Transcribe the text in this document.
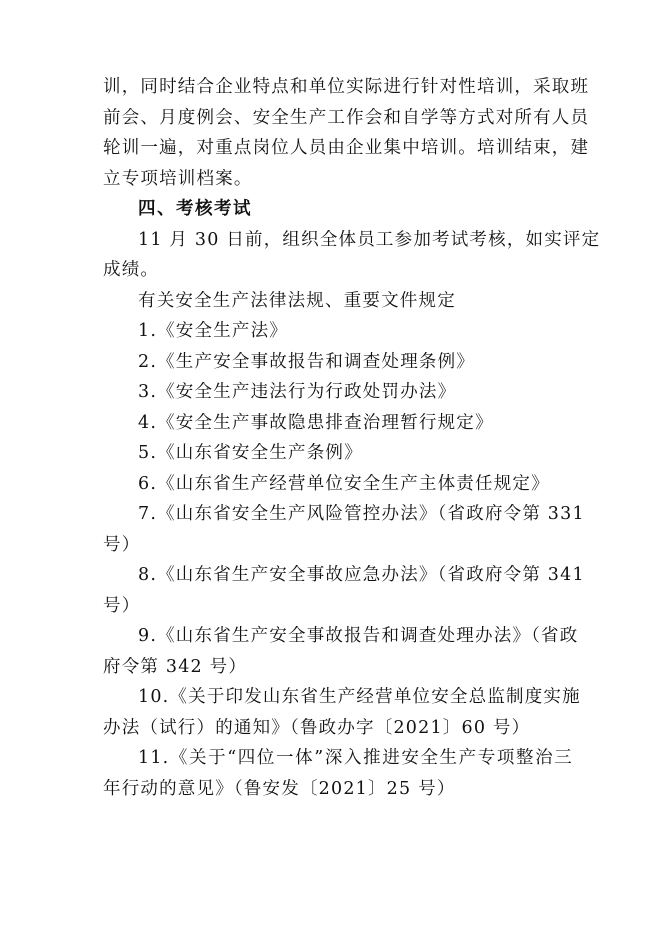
训，同时结合企业特点和单位实际进行针对性培训，采取班
前会、月度例会、安全生产工作会和自学等方式对所有人员
轮训一遍，对重点岗位人员由企业集中培训。培训结束，建
立专项培训档案。
四、考核考试
11 月 30 日前，组织全体员工参加考试考核，如实评定
成绩。
有关安全生产法律法规、重要文件规定
1.《安全生产法》
2.《生产安全事故报告和调查处理条例》
3.《安全生产违法行为行政处罚办法》
4.《安全生产事故隐患排查治理暂行规定》
5.《山东省安全生产条例》
6.《山东省生产经营单位安全生产主体责任规定》
7.《山东省安全生产风险管控办法》（省政府令第 331
号）
8.《山东省生产安全事故应急办法》（省政府令第 341
号）
9.《山东省生产安全事故报告和调查处理办法》（省政
府令第 342 号）
10.《关于印发山东省生产经营单位安全总监制度实施
办法（试行）的通知》（鲁政办字〔2021〕60 号）
11.《关于“四位一体”深入推进安全生产专项整治三
年行动的意见》（鲁安发〔2021〕25 号）
